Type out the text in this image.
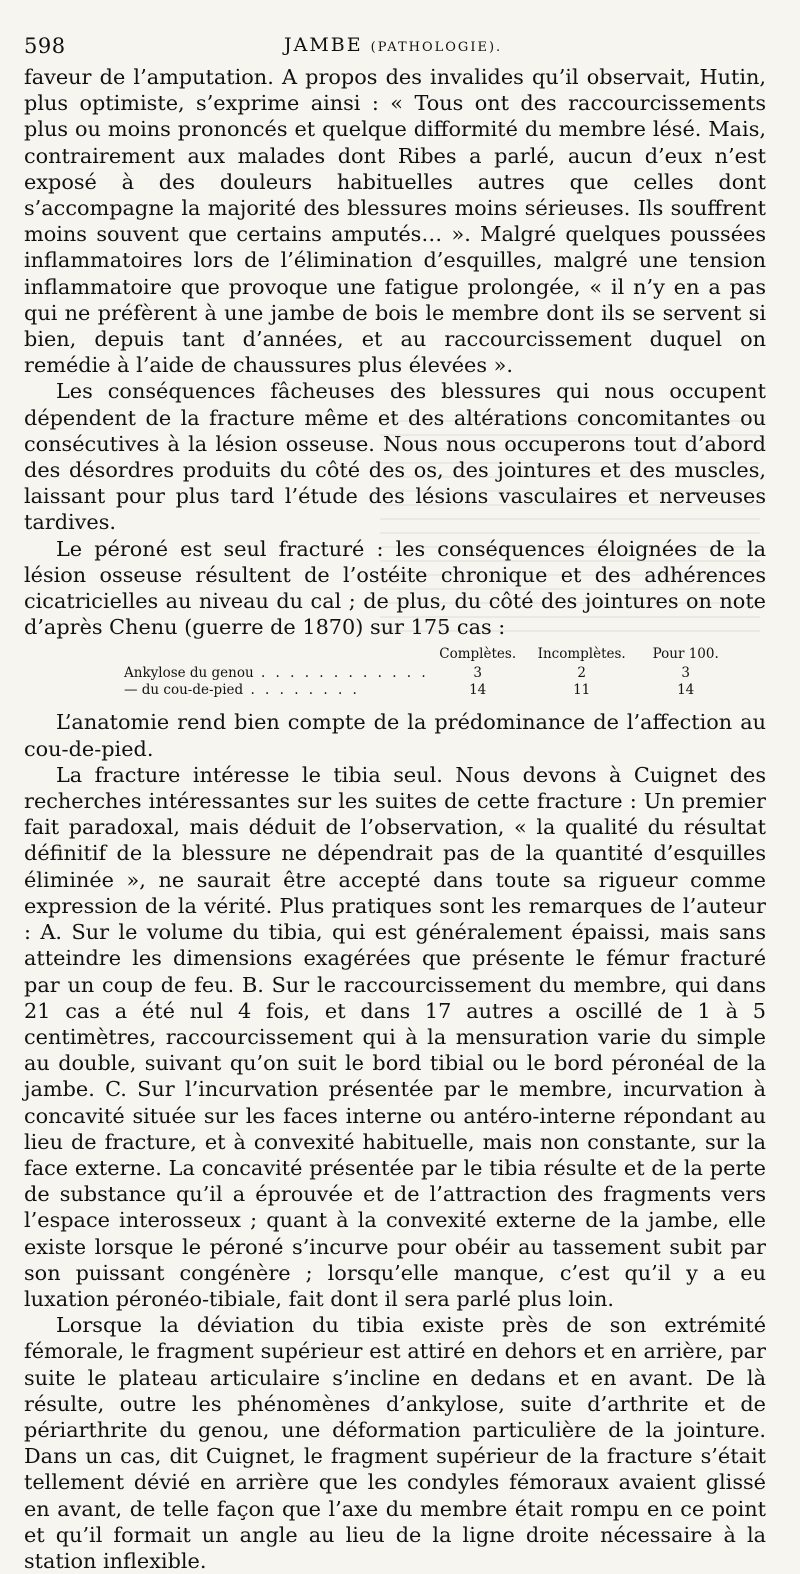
598	JAMBE (PATHOLOGIE).

faveur de l’amputation. A propos des invalides qu’il observait, Hutin, plus optimiste, s’exprime ainsi : « Tous ont des raccourcissements plus ou moins prononcés et quelque difformité du membre lésé. Mais, contrairement aux malades dont Ribes a parlé, aucun d’eux n’est exposé à des douleurs habituelles autres que celles dont s’accompagne la majorité des blessures moins sérieuses. Ils souffrent moins souvent que certains amputés… ». Malgré quelques poussées inflammatoires lors de l’élimination d’esquilles, malgré une tension inflammatoire que provoque une fatigue prolongée, « il n’y en a pas qui ne préfèrent à une jambe de bois le membre dont ils se servent si bien, depuis tant d’années, et au raccourcissement duquel on remédie à l’aide de chaussures plus élevées ».

Les conséquences fâcheuses des blessures qui nous occupent dépendent de la fracture même et des altérations concomitantes ou consécutives à la lésion osseuse. Nous nous occuperons tout d’abord des désordres produits du côté des os, des jointures et des muscles, laissant pour plus tard l’étude des lésions vasculaires et nerveuses tardives.

Le péroné est seul fracturé : les conséquences éloignées de la lésion osseuse résultent de l’ostéite chronique et des adhérences cicatricielles au niveau du cal ; de plus, du côté des jointures on note d’après Chenu (guerre de 1870) sur 175 cas :

	Complètes.	Incomplètes.	Pour 100.
Ankylose du genou . . . . . . . . . . . .	3	2	3
— du cou-de-pied . . . . . . . .	14	11	14

L’anatomie rend bien compte de la prédominance de l’affection au cou-de-pied.

La fracture intéresse le tibia seul. Nous devons à Cuignet des recherches intéressantes sur les suites de cette fracture : Un premier fait paradoxal, mais déduit de l’observation, « la qualité du résultat définitif de la blessure ne dépendrait pas de la quantité d’esquilles éliminée », ne saurait être accepté dans toute sa rigueur comme expression de la vérité. Plus pratiques sont les remarques de l’auteur : A. Sur le volume du tibia, qui est généralement épaissi, mais sans atteindre les dimensions exagérées que présente le fémur fracturé par un coup de feu. B. Sur le raccourcissement du membre, qui dans 21 cas a été nul 4 fois, et dans 17 autres a oscillé de 1 à 5 centimètres, raccourcissement qui à la mensuration varie du simple au double, suivant qu’on suit le bord tibial ou le bord péronéal de la jambe. C. Sur l’incurvation présentée par le membre, incurvation à concavité située sur les faces interne ou antéro-interne répondant au lieu de fracture, et à convexité habituelle, mais non constante, sur la face externe. La concavité présentée par le tibia résulte et de la perte de substance qu’il a éprouvée et de l’attraction des fragments vers l’espace interosseux ; quant à la convexité externe de la jambe, elle existe lorsque le péroné s’incurve pour obéir au tassement subit par son puissant congénère ; lorsqu’elle manque, c’est qu’il y a eu luxation péronéo-tibiale, fait dont il sera parlé plus loin.

Lorsque la déviation du tibia existe près de son extrémité fémorale, le fragment supérieur est attiré en dehors et en arrière, par suite le plateau articulaire s’incline en dedans et en avant. De là résulte, outre les phénomènes d’ankylose, suite d’arthrite et de périarthrite du genou, une déformation particulière de la jointure. Dans un cas, dit Cuignet, le fragment supérieur de la fracture s’était tellement dévié en arrière que les condyles fémoraux avaient glissé en avant, de telle façon que l’axe du membre était rompu en ce point et qu’il formait un angle au lieu de la ligne droite nécessaire à la station inflexible.
